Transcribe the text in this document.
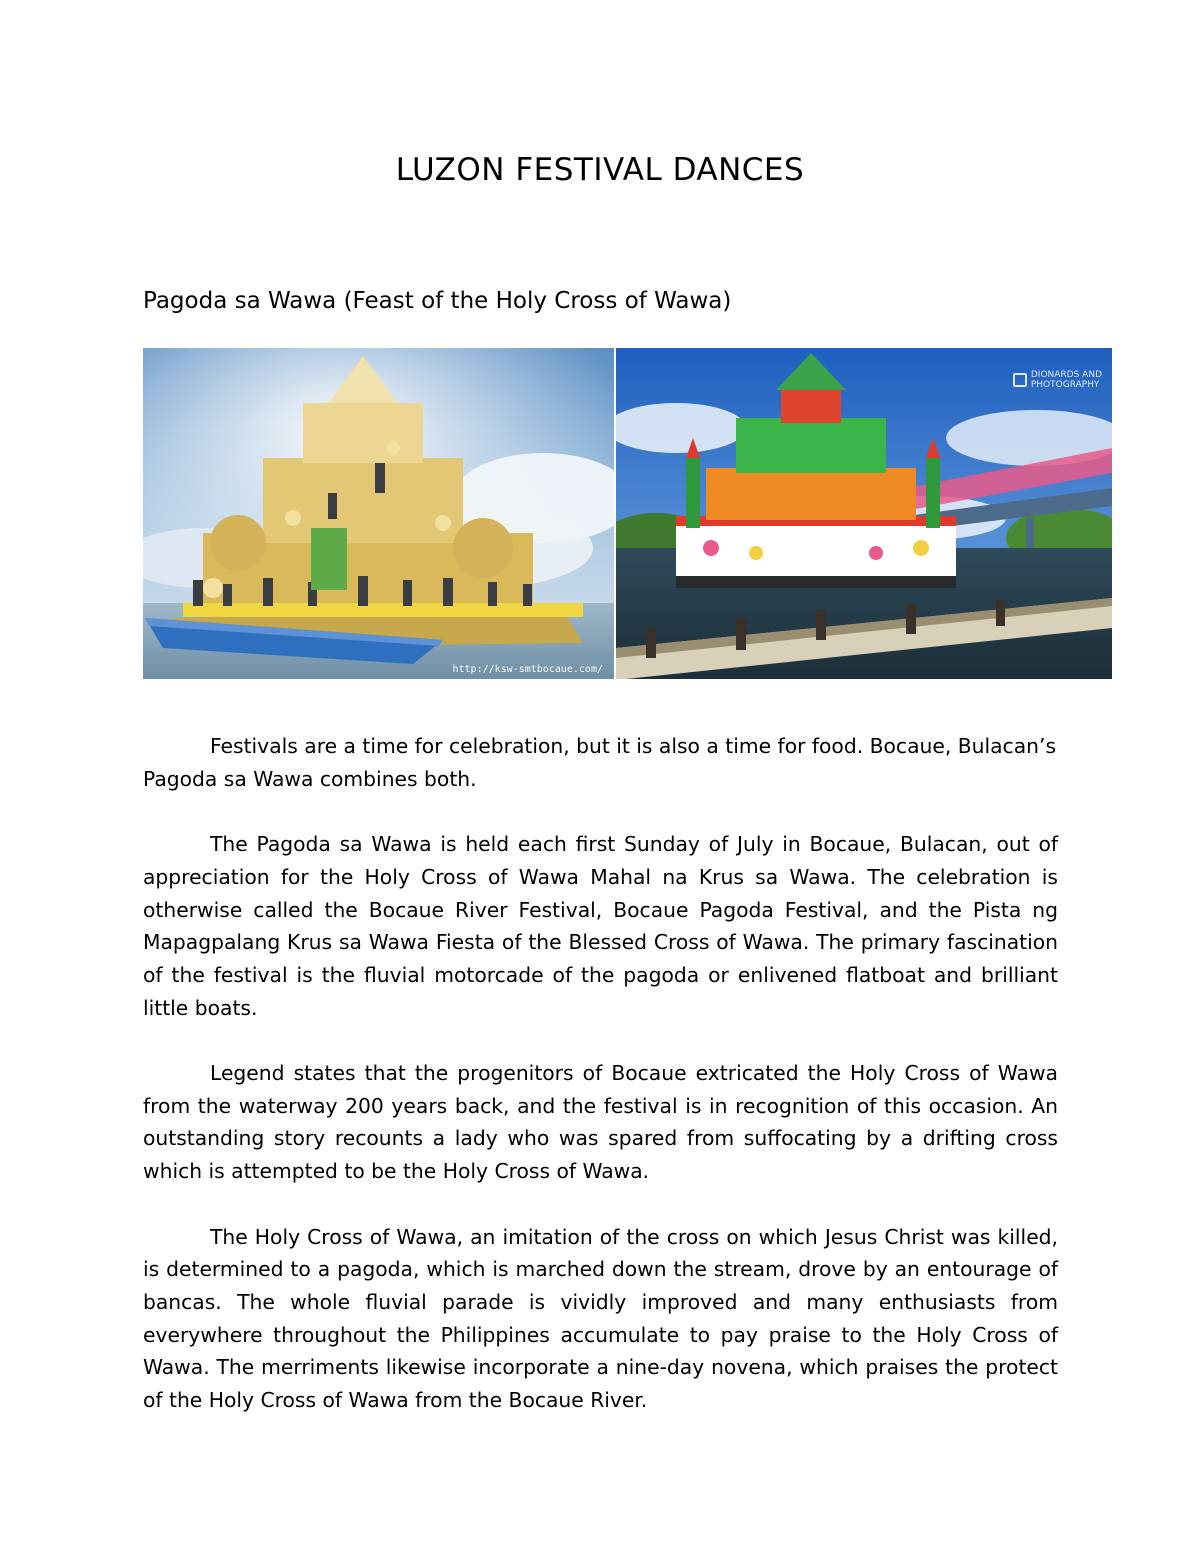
LUZON FESTIVAL DANCES
Pagoda sa Wawa (Feast of the Holy Cross of Wawa)
http://ksw-smtbocaue.com/
DIONARDS AND
PHOTOGRAPHY

Festivals are a time for celebration, but it is also a time for food. Bocaue, Bulacan’s Pagoda sa Wawa combines both.

The Pagoda sa Wawa is held each first Sunday of July in Bocaue, Bulacan, out of appreciation for the Holy Cross of Wawa Mahal na Krus sa Wawa. The celebration is otherwise called the Bocaue River Festival, Bocaue Pagoda Festival, and the Pista ng Mapagpalang Krus sa Wawa Fiesta of the Blessed Cross of Wawa. The primary fascination of the festival is the fluvial motorcade of the pagoda or enlivened flatboat and brilliant little boats.

Legend states that the progenitors of Bocaue extricated the Holy Cross of Wawa from the waterway 200 years back, and the festival is in recognition of this occasion. An outstanding story recounts a lady who was spared from suffocating by a drifting cross which is attempted to be the Holy Cross of Wawa.

The Holy Cross of Wawa, an imitation of the cross on which Jesus Christ was killed, is determined to a pagoda, which is marched down the stream, drove by an entourage of bancas. The whole fluvial parade is vividly improved and many enthusiasts from everywhere throughout the Philippines accumulate to pay praise to the Holy Cross of Wawa. The merriments likewise incorporate a nine-day novena, which praises the protect of the Holy Cross of Wawa from the Bocaue River.
